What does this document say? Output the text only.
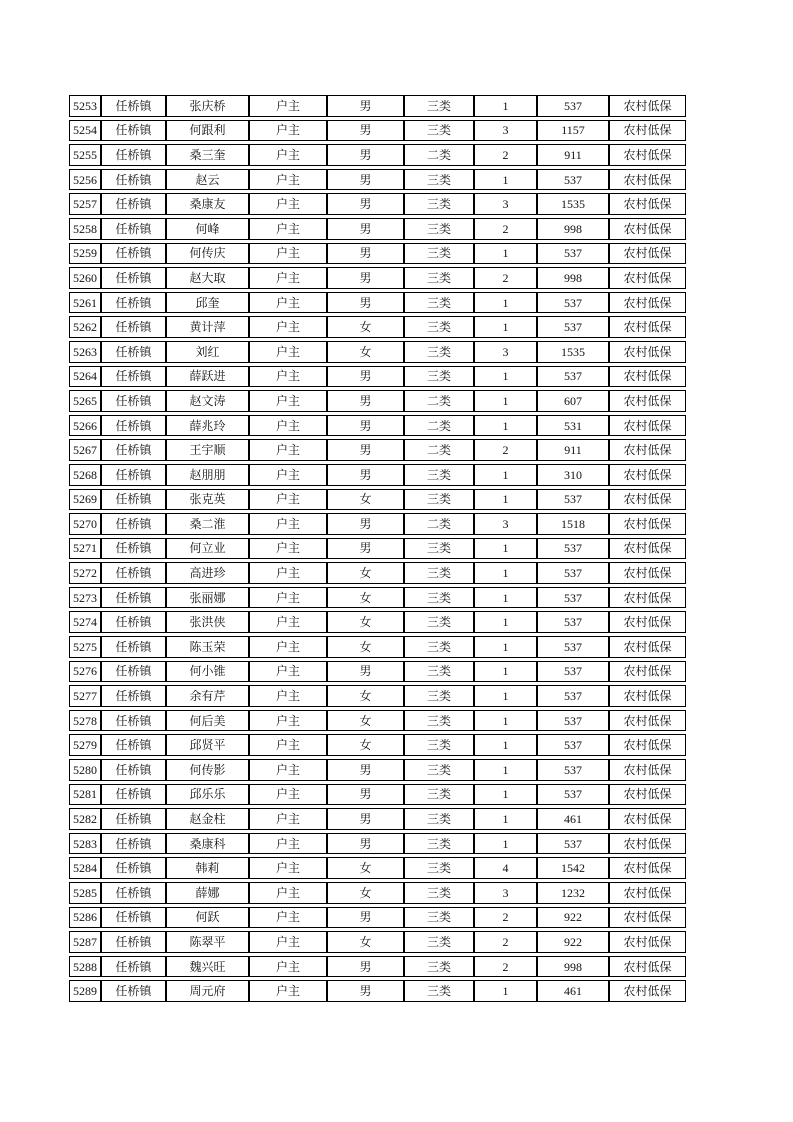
5253	任桥镇	张庆桥	户主	男	三类	1	537	农村低保
5254	任桥镇	何跟利	户主	男	三类	3	1157	农村低保
5255	任桥镇	桑三奎	户主	男	二类	2	911	农村低保
5256	任桥镇	赵云	户主	男	三类	1	537	农村低保
5257	任桥镇	桑康友	户主	男	三类	3	1535	农村低保
5258	任桥镇	何峰	户主	男	三类	2	998	农村低保
5259	任桥镇	何传庆	户主	男	三类	1	537	农村低保
5260	任桥镇	赵大取	户主	男	三类	2	998	农村低保
5261	任桥镇	邱奎	户主	男	三类	1	537	农村低保
5262	任桥镇	黄计萍	户主	女	三类	1	537	农村低保
5263	任桥镇	刘红	户主	女	三类	3	1535	农村低保
5264	任桥镇	薛跃进	户主	男	三类	1	537	农村低保
5265	任桥镇	赵文涛	户主	男	二类	1	607	农村低保
5266	任桥镇	薛兆玲	户主	男	二类	1	531	农村低保
5267	任桥镇	王宇顺	户主	男	二类	2	911	农村低保
5268	任桥镇	赵朋朋	户主	男	三类	1	310	农村低保
5269	任桥镇	张克英	户主	女	三类	1	537	农村低保
5270	任桥镇	桑二淮	户主	男	二类	3	1518	农村低保
5271	任桥镇	何立业	户主	男	三类	1	537	农村低保
5272	任桥镇	高进珍	户主	女	三类	1	537	农村低保
5273	任桥镇	张丽娜	户主	女	三类	1	537	农村低保
5274	任桥镇	张洪侠	户主	女	三类	1	537	农村低保
5275	任桥镇	陈玉荣	户主	女	三类	1	537	农村低保
5276	任桥镇	何小锥	户主	男	三类	1	537	农村低保
5277	任桥镇	余有芹	户主	女	三类	1	537	农村低保
5278	任桥镇	何后美	户主	女	三类	1	537	农村低保
5279	任桥镇	邱贤平	户主	女	三类	1	537	农村低保
5280	任桥镇	何传影	户主	男	三类	1	537	农村低保
5281	任桥镇	邱乐乐	户主	男	三类	1	537	农村低保
5282	任桥镇	赵金柱	户主	男	三类	1	461	农村低保
5283	任桥镇	桑康科	户主	男	三类	1	537	农村低保
5284	任桥镇	韩莉	户主	女	三类	4	1542	农村低保
5285	任桥镇	薛娜	户主	女	三类	3	1232	农村低保
5286	任桥镇	何跃	户主	男	三类	2	922	农村低保
5287	任桥镇	陈翠平	户主	女	三类	2	922	农村低保
5288	任桥镇	魏兴旺	户主	男	三类	2	998	农村低保
5289	任桥镇	周元府	户主	男	三类	1	461	农村低保
